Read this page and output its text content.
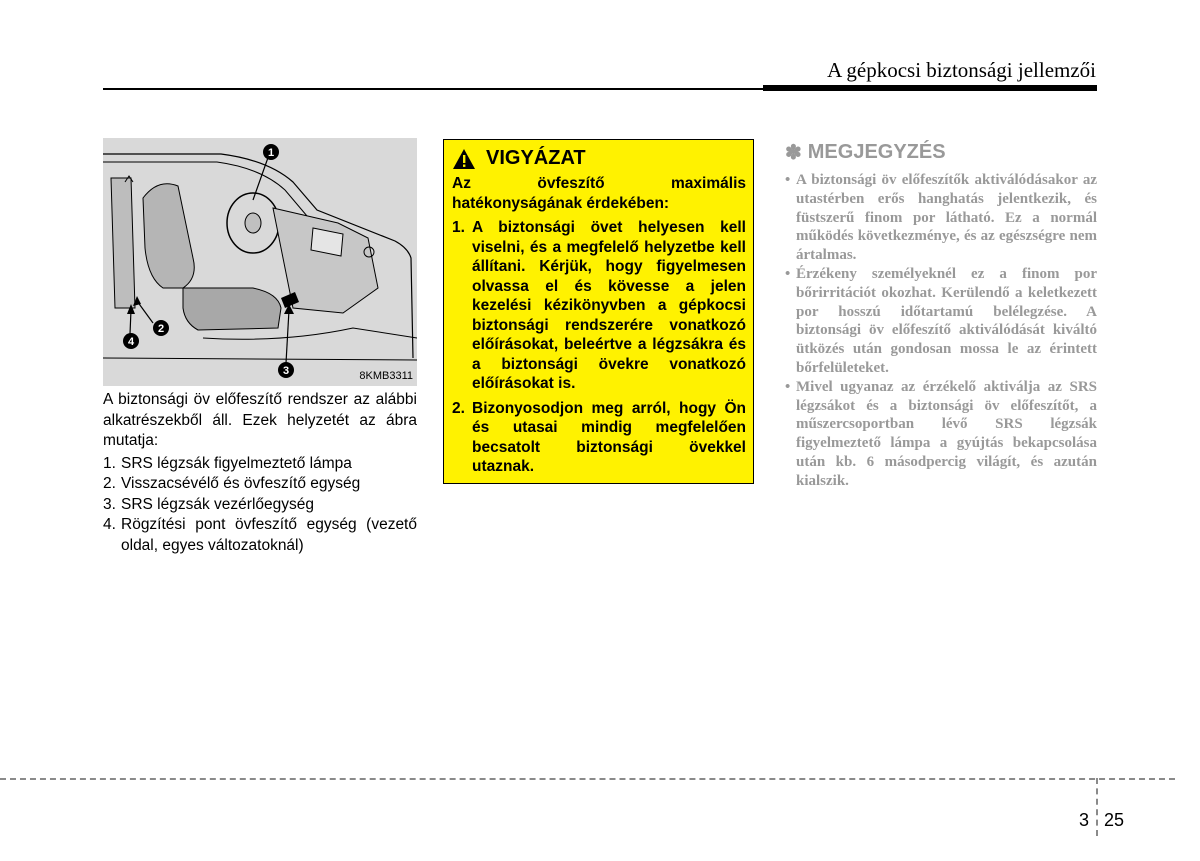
A gépkocsi biztonsági jellemzői
1
2
3
4
8KMB3311

A biztonsági öv előfeszítő rendszer az alábbi alkatrészekből áll. Ezek helyzetét az ábra mutatja:

1. SRS légzsák figyelmeztető lámpa
2. Visszacsévélő és övfeszítő egység
3. SRS légzsák vezérlőegység
4. Rögzítési pont övfeszítő egység (vezető oldal, egyes változatoknál)
VIGYÁZAT

Az övfeszítő maximális hatékonyságának érdekében:

1. A biztonsági övet helyesen kell viselni, és a megfelelő helyzetbe kell állítani. Kérjük, hogy figyelmesen olvassa el és kövesse a jelen kezelési kézikönyvben a gépkocsi biztonsági rendszerére vonatkozó előírásokat, beleértve a légzsákra és a biztonsági övekre vonatkozó előírásokat is.
2. Bizonyosodjon meg arról, hogy Ön és utasai mindig megfelelően becsatolt biztonsági övekkel utaznak.
✽ MEGJEGYZÉS
• A biztonsági öv előfeszítők aktiválódásakor az utastérben erős hanghatás jelentkezik, és füstszerű finom por látható. Ez a normál működés következménye, és az egészségre nem ártalmas.
• Érzékeny személyeknél ez a finom por bőrirritációt okozhat. Kerülendő a keletkezett por hosszú időtartamú belélegzése. A biztonsági öv előfeszítő aktiválódását kiváltó ütközés után gondosan mossa le az érintett bőrfelületeket.
• Mivel ugyanaz az érzékelő aktiválja az SRS légzsákot és a biztonsági öv előfeszítőt, a műszercsoportban lévő SRS légzsák figyelmeztető lámpa a gyújtás bekapcsolása után kb. 6 másodpercig világít, és azután kialszik.
3 25
